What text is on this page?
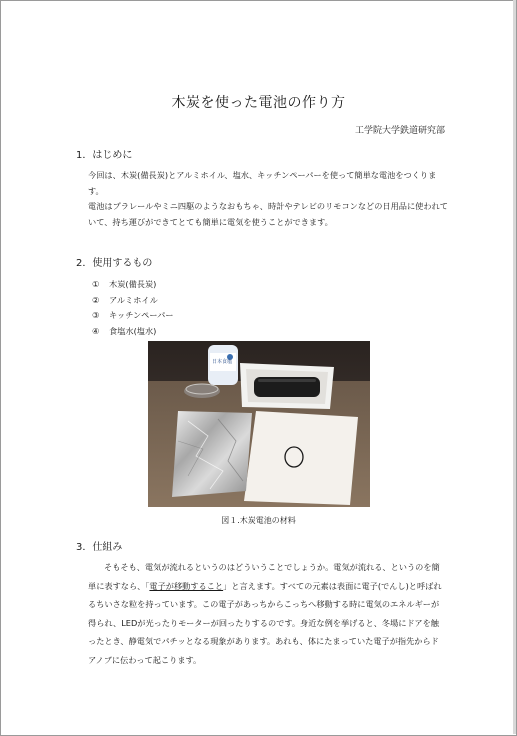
木炭を使った電池の作り方
工学院大学鉄道研究部
1．はじめに

今回は、木炭(備長炭)とアルミホイル、塩水、キッチンペーパーを使って簡単な電池をつくります。

電池はプラレールやミニ四駆のようなおもちゃ、時計やテレビのリモコンなどの日用品に使われていて、持ち運びができてとても簡単に電気を使うことができます。

2．使用するもの
①	木炭(備長炭)
②	アルミホイル
③	キッチンペーパー
④	食塩水(塩水)
日本食塩
図１.木炭電池の材料
3．仕組み
そもそも、電気が流れるというのはどういうことでしょうか。電気が流れる、というのを簡単に表すなら、「電子が移動すること」と言えます。すべての元素は表面に電子(でんし)と呼ばれるちいさな粒を持っています。この電子があっちからこっちへ移動する時に電気のエネルギーが得られ、LEDが光ったりモーターが回ったりするのです。身近な例を挙げると、冬場にドアを触ったとき、静電気でパチッとなる現象があります。あれも、体にたまっていた電子が指先からドアノブに伝わって起こります。
